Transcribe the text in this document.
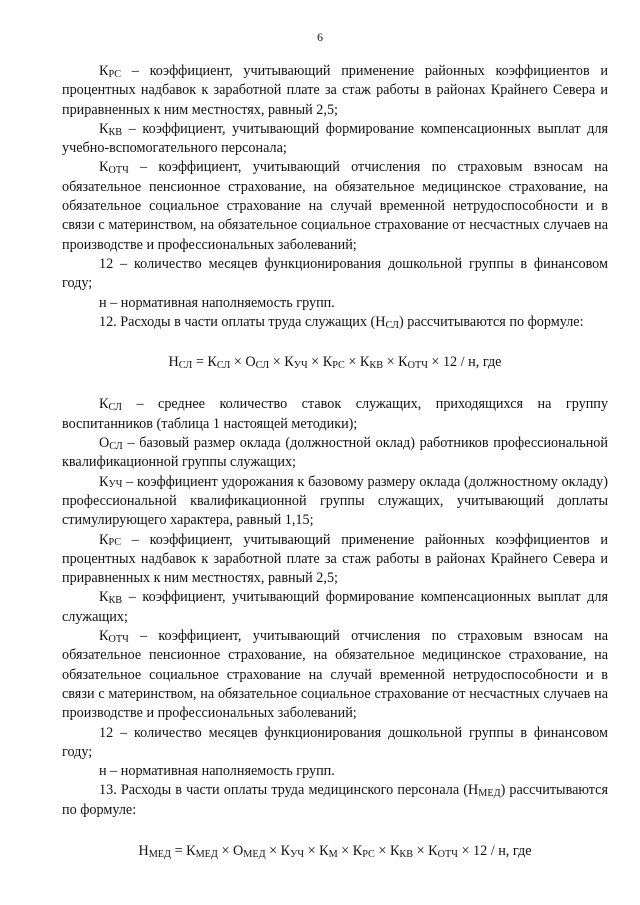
6

$К_{РС}$ – коэффициент, учитывающий применение районных коэффициентов и процентных надбавок к заработной плате за стаж работы в районах Крайнего Севера и приравненных к ним местностях, равный 2,5;

$К_{КВ}$ – коэффициент, учитывающий формирование компенсационных выплат для учебно-вспомогательного персонала;

$К_{ОТЧ}$ – коэффициент, учитывающий отчисления по страховым взносам на обязательное пенсионное страхование, на обязательное медицинское страхование, на обязательное социальное страхование на случай временной нетрудоспособности и в связи с материнством, на обязательное социальное страхование от несчастных случаев на производстве и профессиональных заболеваний;

12 – количество месяцев функционирования дошкольной группы в финансовом году;

н – нормативная наполняемость групп.

12. Расходы в части оплаты труда служащих $(Н_{СЛ})$ рассчитываются по формуле:

$Н_{СЛ} = К_{СЛ} \times О_{СЛ} \times К_{УЧ} \times К_{РС} \times К_{КВ} \times К_{ОТЧ} \times 12 / н$, где

$К_{СЛ}$ – среднее количество ставок служащих, приходящихся на группу воспитанников (таблица 1 настоящей методики);

$О_{СЛ}$ – базовый размер оклада (должностной оклад) работников профессиональной квалификационной группы служащих;

$К_{УЧ}$ – коэффициент удорожания к базовому размеру оклада (должностному окладу) профессиональной квалификационной группы служащих, учитывающий доплаты стимулирующего характера, равный 1,15;

$К_{РС}$ – коэффициент, учитывающий применение районных коэффициентов и процентных надбавок к заработной плате за стаж работы в районах Крайнего Севера и приравненных к ним местностях, равный 2,5;

$К_{КВ}$ – коэффициент, учитывающий формирование компенсационных выплат для служащих;

$К_{ОТЧ}$ – коэффициент, учитывающий отчисления по страховым взносам на обязательное пенсионное страхование, на обязательное медицинское страхование, на обязательное социальное страхование на случай временной нетрудоспособности и в связи с материнством, на обязательное социальное страхование от несчастных случаев на производстве и профессиональных заболеваний;

12 – количество месяцев функционирования дошкольной группы в финансовом году;

н – нормативная наполняемость групп.

13. Расходы в части оплаты труда медицинского персонала $(Н_{МЕД})$ рассчитываются по формуле:

$Н_{МЕД} = К_{МЕД} \times О_{МЕД} \times К_{УЧ} \times К_М \times К_{РС} \times К_{КВ} \times К_{ОТЧ} \times 12 / н$, где
